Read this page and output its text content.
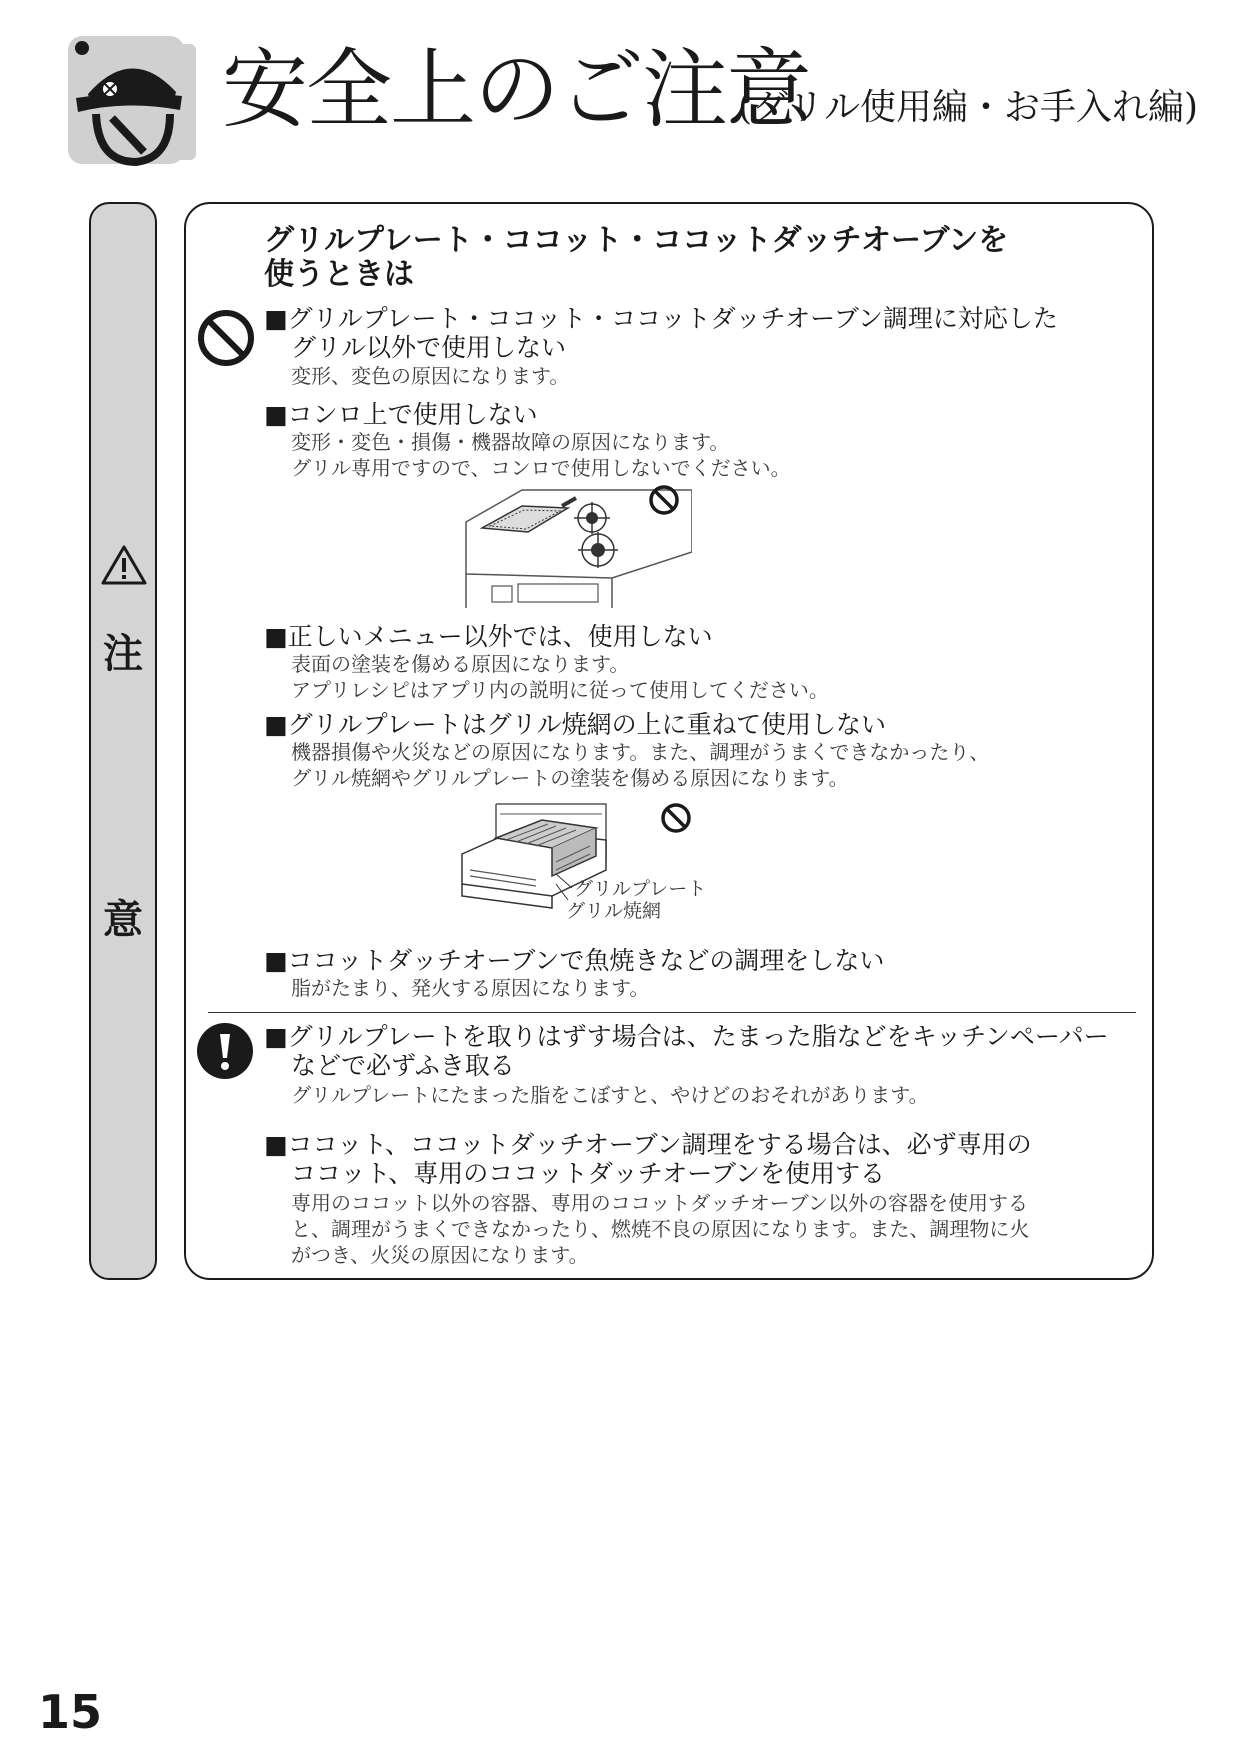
安全上のご注意
(グリル使用編・お手入れ編)
注
意
グリルプレート・ココット・ココットダッチオーブンを
使うときは
■グリルプレート・ココット・ココットダッチオーブン調理に対応した
グリル以外で使用しない
変形、変色の原因になります。
■コンロ上で使用しない
変形・変色・損傷・機器故障の原因になります。
グリル専用ですので、コンロで使用しないでください。
■正しいメニュー以外では、使用しない
表面の塗装を傷める原因になります。
アプリレシピはアプリ内の説明に従って使用してください。
■グリルプレートはグリル焼網の上に重ねて使用しない
機器損傷や火災などの原因になります。また、調理がうまくできなかったり、
グリル焼網やグリルプレートの塗装を傷める原因になります。
グリルプレート
グリル焼網
■ココットダッチオーブンで魚焼きなどの調理をしない
脂がたまり、発火する原因になります。
■グリルプレートを取りはずす場合は、たまった脂などをキッチンペーパー
などで必ずふき取る
グリルプレートにたまった脂をこぼすと、やけどのおそれがあります。
■ココット、ココットダッチオーブン調理をする場合は、必ず専用の
ココット、専用のココットダッチオーブンを使用する
専用のココット以外の容器、専用のココットダッチオーブン以外の容器を使用する
と、調理がうまくできなかったり、燃焼不良の原因になります。また、調理物に火
がつき、火災の原因になります。
15
